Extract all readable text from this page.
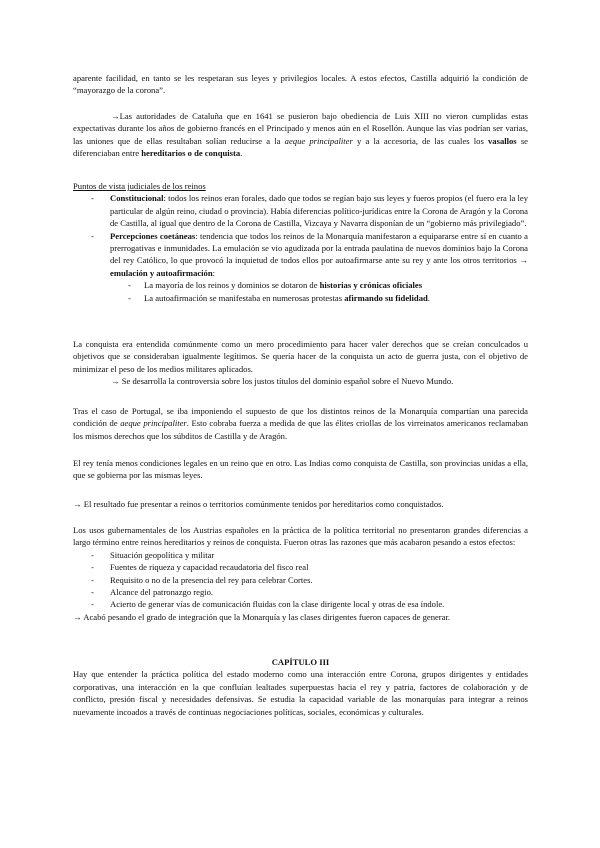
aparente facilidad, en tanto se les respetaran sus leyes y privilegios locales. A estos efectos, Castilla adquirió la condición de “mayorazgo de la corona”.

→Las autoridades de Cataluña que en 1641 se pusieron bajo obediencia de Luis XIII no vieron cumplidas estas expectativas durante los años de gobierno francés en el Principado y menos aún en el Rosellón. Aunque las vías podrían ser varias, las uniones que de ellas resultaban solían reducirse a la aeque principaliter y a la accesoria, de las cuales los vasallos se diferenciaban entre hereditarios o de conquista.

Puntos de vista judiciales de los reinos

- Constitucional: todos los reinos eran forales, dado que todos se regían bajo sus leyes y fueros propios (el fuero era la ley particular de algún reino, ciudad o provincia). Había diferencias político-jurídicas entre la Corona de Aragón y la Corona de Castilla, al igual que dentro de la Corona de Castilla, Vizcaya y Navarra disponían de un “gobierno más privilegiado”.
- Percepciones coetáneas: tendencia que todos los reinos de la Monarquía manifestaron a equipararse entre sí en cuanto a prerrogativas e inmunidades. La emulación se vio agudizada por la entrada paulatina de nuevos dominios bajo la Corona del rey Católico, lo que provocó la inquietud de todos ellos por autoafirmarse ante su rey y ante los otros territorios → emulación y autoafirmación:
- La mayoría de los reinos y dominios se dotaron de historias y crónicas oficiales
- La autoafirmación se manifestaba en numerosas protestas afirmando su fidelidad.

La conquista era entendida comúnmente como un mero procedimiento para hacer valer derechos que se creían conculcados u objetivos que se consideraban igualmente legítimos. Se quería hacer de la conquista un acto de guerra justa, con el objetivo de minimizar el peso de los medios militares aplicados.

→ Se desarrolla la controversia sobre los justos títulos del dominio español sobre el Nuevo Mundo.

Tras el caso de Portugal, se iba imponiendo el supuesto de que los distintos reinos de la Monarquía compartían una parecida condición de aeque principaliter. Esto cobraba fuerza a medida de que las élites criollas de los virreinatos americanos reclamaban los mismos derechos que los súbditos de Castilla y de Aragón.

El rey tenía menos condiciones legales en un reino que en otro. Las Indias como conquista de Castilla, son provincias unidas a ella, que se gobierna por las mismas leyes.

→ El resultado fue presentar a reinos o territorios comúnmente tenidos por hereditarios como conquistados.

Los usos gubernamentales de los Austrias españoles en la práctica de la política territorial no presentaron grandes diferencias a largo término entre reinos hereditarios y reinos de conquista. Fueron otras las razones que más acabaron pesando a estos efectos:

- Situación geopolítica y militar
- Fuentes de riqueza y capacidad recaudatoria del fisco real
- Requisito o no de la presencia del rey para celebrar Cortes.
- Alcance del patronazgo regio.
- Acierto de generar vías de comunicación fluidas con la clase dirigente local y otras de esa índole.

→ Acabó pesando el grado de integración que la Monarquía y las clases dirigentes fueron capaces de generar.

CAPÍTULO III

Hay que entender la práctica política del estado moderno como una interacción entre Corona, grupos dirigentes y entidades corporativas, una interacción en la que confluían lealtades superpuestas hacia el rey y patria, factores de colaboración y de conflicto, presión fiscal y necesidades defensivas. Se estudia la capacidad variable de las monarquías para integrar a reinos nuevamente incoados a través de continuas negociaciones políticas, sociales, económicas y culturales.
